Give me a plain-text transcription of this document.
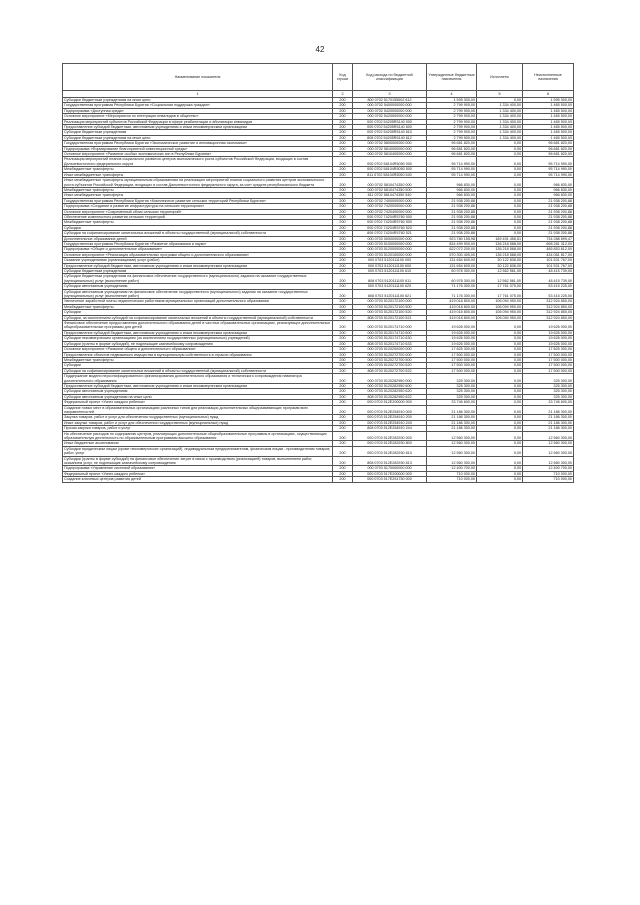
42
Наименование показателя	Код строки	Код расхода по бюджетной классификации	Утвержденные бюджетные назначения	Исполнено	Неисполненные назначения
1	2	3	4	5	6
Субсидии бюджетным учреждениям на иные цели	200	800 0702 5170155602 612	1 595 300,00	0,00	1 595 300,00
Государственная программа Республики Бурятия «Социальная поддержка граждан»	200	000 0702 5400000000 000	2 799 900,00	1 334 400,00	1 465 500,00
Подпрограмма «Доступная среда»	200	000 0702 5420000000 000	2 799 900,00	1 334 400,00	1 465 500,00
Основное мероприятие «Мероприятия по интеграции инвалидов в общество»	200	000 0702 5420500000 000	2 799 900,00	1 334 400,00	1 465 500,00
Реализация мероприятий субъектов Российской Федерации в сфере реабилитации и абилитации инвалидов	200	000 0702 54205R5140 000	2 799 900,00	1 334 400,00	1 465 500,00
Предоставление субсидий бюджетным, автономным учреждениям и иным некоммерческим организациям	200	000 0702 54205R5140 600	2 799 900,00	1 334 400,00	1 465 500,00
Субсидии бюджетным учреждениям	200	000 0702 54205R5140 610	2 799 900,00	1 334 400,00	1 465 500,00
Субсидии бюджетным учреждениям на иные цели	200	808 0702 54205R5140 612	2 799 900,00	1 334 400,00	1 465 500,00
Государственная программа Республики Бурятия «Экономическое развитие и инновационная экономика»	200	000 0702 5800000000 000	96 681 820,00	0,00	96 681 820,00
Подпрограмма «Формирование благоприятной инвестиционной среды»	200	000 0702 5810000000 000	96 681 820,00	0,00	96 681 820,00
Основное мероприятие «Развитие особых экономических зон в Республике Бурятия»	200	000 0702 5810400000 000	96 681 820,00	0,00	96 681 820,00
Реализация мероприятий планов социального развития центров экономического роста субъектов Российской Федерации, входящих в состав Дальневосточного федерального округа	200	000 0702 58104R5050 000	95 714 990,00	0,00	95 714 990,00
Межбюджетные трансферты	200	000 0702 58104R5050 500	95 714 990,00	0,00	95 714 990,00
Иные межбюджетные трансферты	200	811 0702 58104R5050 540	95 714 990,00	0,00	95 714 990,00
Иные межбюджетные трансферты муниципальным образованиям на реализацию мероприятий планов социального развития центров экономического роста субъектов Российской Федерации, входящих в состав Дальневосточного федерального округа, за счет средств республиканского бюджета	200	000 0702 5810474350 000	966 830,00	0,00	966 830,00
Межбюджетные трансферты	200	000 0702 5810474350 500	966 830,00	0,00	966 830,00
Иные межбюджетные трансферты	200	811 0702 5810474350 540	966 830,00	0,00	966 830,00
Государственная программа Республики Бурятия «Комплексное развитие сельских территорий Республики Бурятия»	200	000 0702 7400000000 000	21 938 200,88	0,00	21 938 200,88
Подпрограмма «Создание и развитие инфраструктуры на сельских территориях»	200	000 0702 7420000000 000	21 938 200,88	0,00	21 938 200,88
Основное мероприятие «Современный облик сельских территорий»	200	000 0702 7420400000 000	21 938 200,88	0,00	21 938 200,88
Обеспечение комплексного развития сельских территорий	200	000 0702 74204R5760 000	21 938 200,88	0,00	21 938 200,88
Межбюджетные трансферты	200	000 0702 74204R5760 500	21 938 200,88	0,00	21 938 200,88
Субсидии	200	000 0702 74204R5760 520	21 938 200,88	0,00	21 938 200,88
Субсидии на софинансирование капитальных вложений в объекты государственной (муниципальной) собственности	200	806 0702 74204R5760 521	21 938 200,88	0,00	21 938 200,88
Дополнительное образование детей	200	000 0703 0000000000 000	923 780 155,98	189 491 456,51	734 288 699,47
Государственная программа Республики Бурятия «Развитие образования и науки»	200	000 0703 5100000000 000	834 499 900,00	136 218 588,00	698 281 312,00
Подпрограмма «Общее и дополнительное образование»	200	000 0703 5120000000 000	622 072 200,00	136 218 588,00	485 853 612,00
Основное мероприятие «Реализация образовательных программ общего и дополнительного образования»	200	000 0703 5120100000 000	570 300 405,00	136 218 588,00	434 081 817,00
Оказание учреждениями (организациями) услуг (работ)	200	000 0703 5120111100 000	131 654 605,00	30 122 838,00	101 531 767,00
Предоставление субсидий бюджетным, автономным учреждениям и иным некоммерческим организациям	200	000 0703 5120111100 600	131 654 605,00	30 122 838,00	101 531 767,00
Субсидии бюджетным учреждениям	200	000 0703 5120111100 610	60 978 300,00	12 562 561,00	48 415 739,00
Субсидии бюджетным учреждениям на финансовое обеспечение государственного (муниципального) задания на оказание государственных (муниципальных) услуг (выполнение работ)	200	808 0703 5120111100 611	60 978 300,00	12 562 561,00	48 415 739,00
Субсидии автономным учреждениям	200	000 0703 5120111100 620	71 176 300,00	17 761 075,00	53 415 225,00
Субсидии автономным учреждениям на финансовое обеспечение государственного (муниципального) задания на оказание государственных (муниципальных) услуг (выполнение работ)	200	808 0703 5120111100 621	71 176 300,00	17 761 075,00	53 415 225,00
Увеличение заработной платы педагогических работников муниципальных организаций дополнительного образования	200	000 0703 5120172100 000	419 018 800,00	106 094 950,00	312 924 850,00
Межбюджетные трансферты	200	000 0703 5120172100 500	419 018 800,00	106 094 950,00	312 924 850,00
Субсидии	200	000 0703 5120172100 520	419 018 800,00	106 094 950,00	312 924 850,00
Субсидии, за исключением субсидий на софинансирование капитальных вложений в объекты государственной (муниципальной) собственности	200	808 0703 5120172100 521	419 018 800,00	106 094 950,00	312 924 850,00
Финансовое обеспечение предоставления дополнительного образования детей в частных образовательных организациях, реализующих дополнительные общеобразовательные программы для детей	200	000 0703 5120174710 000	19 626 000,00	0,00	19 626 000,00
Предоставление субсидий бюджетным, автономным учреждениям и иным некоммерческим организациям	200	000 0703 5120174710 600	19 626 000,00	0,00	19 626 000,00
Субсидии некоммерческим организациям (за исключением государственных (муниципальных) учреждений)	200	000 0703 5120174710 630	19 626 000,00	0,00	19 626 000,00
Субсидии (гранты в форме субсидий), не подлежащие казначейскому сопровождению	200	808 0703 5120174710 633	19 626 000,00	0,00	19 626 000,00
Основное мероприятие «Развитие общего и дополнительного образования»	200	000 0703 5120200000 000	17 825 300,00	0,00	17 825 300,00
Предоставление объектов недвижимого имущества в муниципальную собственность в отрасли образования	200	000 0703 5120272700 000	17 500 000,00	0,00	17 500 000,00
Межбюджетные трансферты	200	000 0703 5120272700 500	17 500 000,00	0,00	17 500 000,00
Субсидии	200	000 0703 5120272700 520	17 500 000,00	0,00	17 500 000,00
Субсидии на софинансирование капитальных вложений в объекты государственной (муниципальной) собственности	200	808 0703 5120272700 522	17 500 000,00	0,00	17 500 000,00
Поддержание модели персонифицированного финансирования дополнительного образования и технического сопровождения навигатора дополнительного образования	200	000 0703 5120282950 000	325 300,00	0,00	325 300,00
Предоставление субсидий бюджетным, автономным учреждениям и иным некоммерческим организациям	200	000 0703 5120282950 600	325 300,00	0,00	325 300,00
Субсидии автономным учреждениям	200	000 0703 5120282950 620	325 300,00	0,00	325 300,00
Субсидии автономным учреждениям на иные цели	200	808 0703 5120282950 622	325 300,00	0,00	325 300,00
Федеральный проект «Успех каждого ребенка»	200	000 0703 512E200000 000	33 746 600,00	0,00	33 746 600,00
Создание новых мест в образовательных организациях различных типов для реализации дополнительных общеразвивающих программ всех направленностей	200	000 0703 512E254910 000	21 186 300,00	0,00	21 186 300,00
Закупка товаров, работ и услуг для обеспечения государственных (муниципальных) нужд	200	000 0703 512E254910 200	21 186 300,00	0,00	21 186 300,00
Иные закупки товаров, работ и услуг для обеспечения государственных (муниципальных) нужд	200	000 0703 512E254910 240	21 186 300,00	0,00	21 186 300,00
Прочая закупка товаров, работ и услуг	200	808 0703 512E254910 244	21 186 300,00	0,00	21 186 300,00
На обеспечение расходов по содержанию центров, реализующих дополнительные общеобразовательные программы в организациях, осуществляющих образовательную деятельность по образовательным программам высшего образования	200	000 0703 512E282930 000	12 560 300,00	0,00	12 560 300,00
Иные бюджетные ассигнования	200	000 0703 512E282930 800	12 560 300,00	0,00	12 560 300,00
Субсидии юридическим лицам (кроме некоммерческих организаций), индивидуальным предпринимателям, физическим лицам - производителям товаров, работ, услуг	200	000 0703 512E282930 810	12 560 300,00	0,00	12 560 300,00
Субсидии (гранты в форме субсидий) на финансовое обеспечение затрат в связи с производством (реализацией) товаров, выполнением работ, оказанием услуг, не подлежащие казначейскому сопровождению	200	808 0703 512E282930 813	12 560 300,00	0,00	12 560 300,00
Подпрограмма «Управление системой образования»	200	000 0703 5170000000 000	12 400 700,00	0,00	12 400 700,00
Федеральный проект «Успех каждого ребенка»	200	000 0703 517E200000 000	710 000,00	0,00	710 000,00
Создание ключевых центров развития детей	200	000 0703 517E251750 000	710 000,00	0,00	710 000,00
